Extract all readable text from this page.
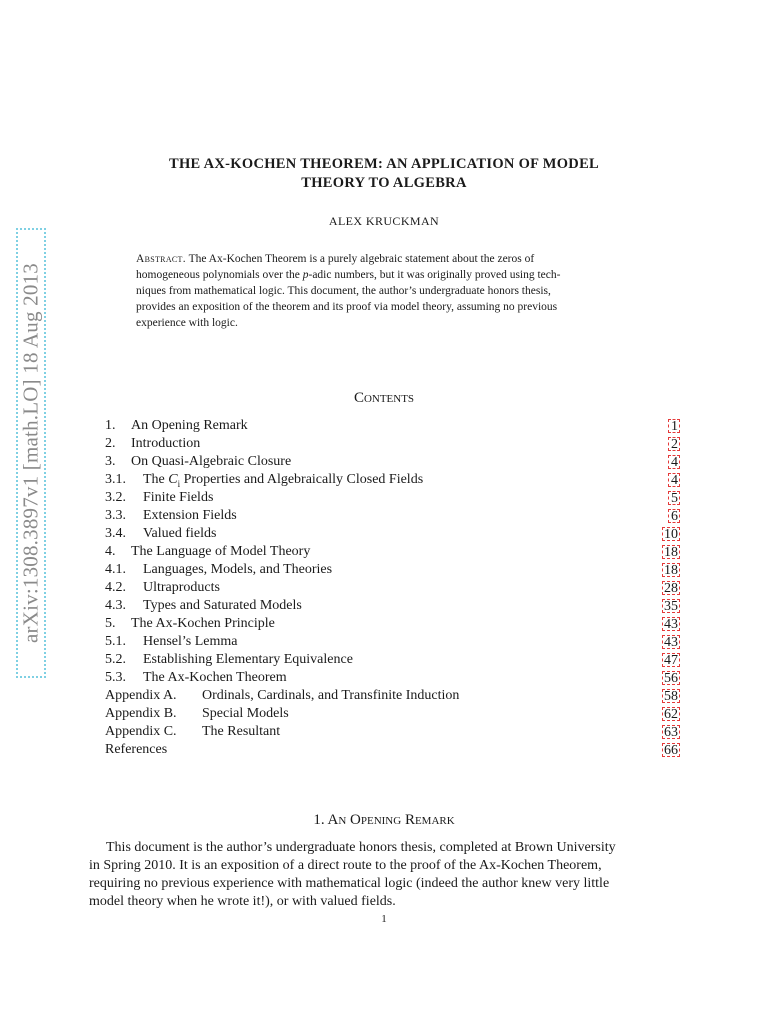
arXiv:1308.3897v1 [math.LO] 18 Aug 2013
THE AX-KOCHEN THEOREM: AN APPLICATION OF MODEL
THEORY TO ALGEBRA
ALEX KRUCKMAN
Abstract. The Ax-Kochen Theorem is a purely algebraic statement about the zeros of
homogeneous polynomials over the p-adic numbers, but it was originally proved using tech-
niques from mathematical logic. This document, the author’s undergraduate honors thesis,
provides an exposition of the theorem and its proof via model theory, assuming no previous
experience with logic.
Contents
1. An Opening Remark	1
2. Introduction	2
3. On Quasi-Algebraic Closure	4
3.1. The $C_i$ Properties and Algebraically Closed Fields	4
3.2. Finite Fields	5
3.3. Extension Fields	6
3.4. Valued fields	10
4. The Language of Model Theory	18
4.1. Languages, Models, and Theories	18
4.2. Ultraproducts	28
4.3. Types and Saturated Models	35
5. The Ax-Kochen Principle	43
5.1. Hensel’s Lemma	43
5.2. Establishing Elementary Equivalence	47
5.3. The Ax-Kochen Theorem	56
Appendix A. Ordinals, Cardinals, and Transfinite Induction	58
Appendix B. Special Models	62
Appendix C. The Resultant	63
References	66
1. An Opening Remark
This document is the author’s undergraduate honors thesis, completed at Brown University
in Spring 2010. It is an exposition of a direct route to the proof of the Ax-Kochen Theorem,
requiring no previous experience with mathematical logic (indeed the author knew very little
model theory when he wrote it!), or with valued fields.
1
